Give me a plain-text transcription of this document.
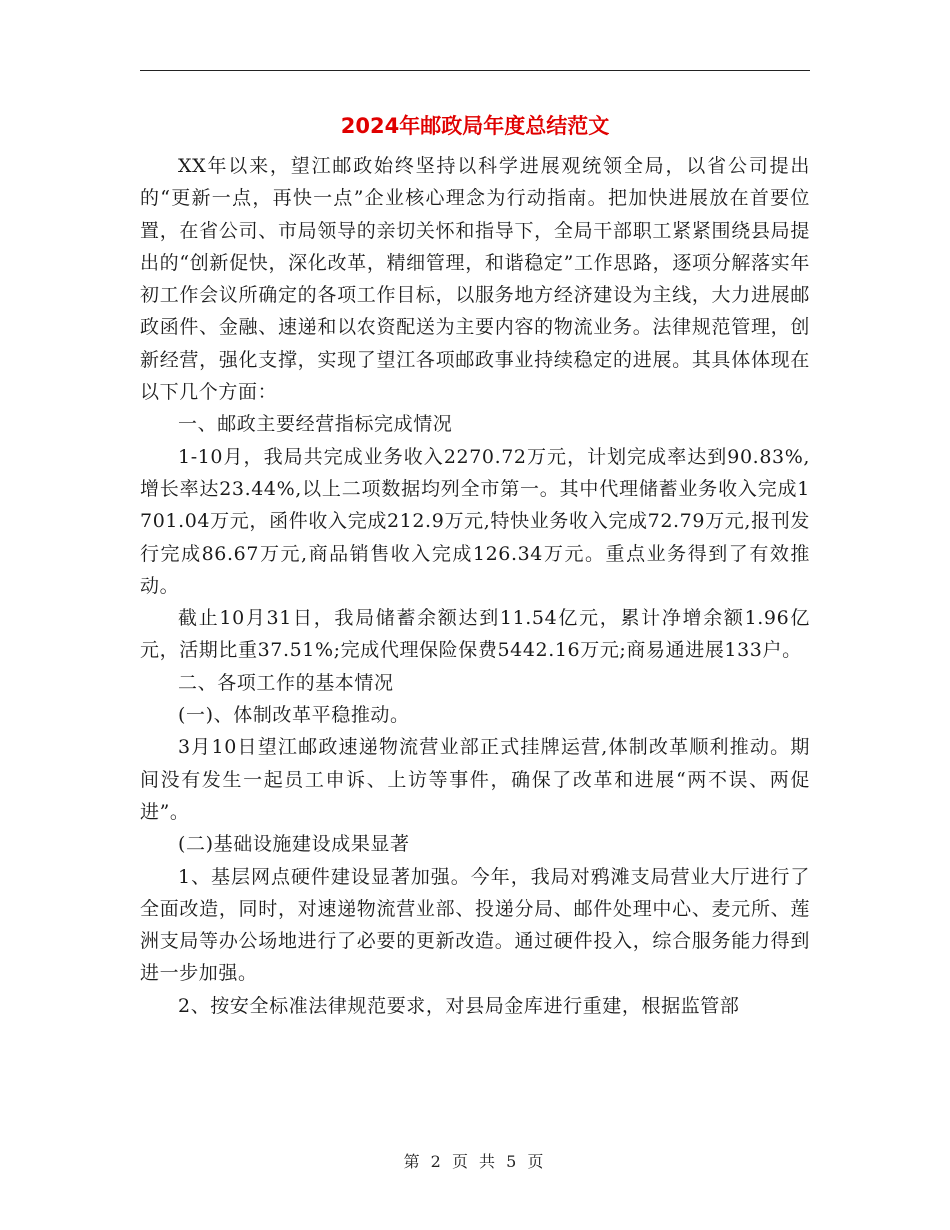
2024年邮政局年度总结范文

XX年以来，望江邮政始终坚持以科学进展观统领全局，以省公司提出的“更新一点，再快一点”企业核心理念为行动指南。把加快进展放在首要位置，在省公司、市局领导的亲切关怀和指导下，全局干部职工紧紧围绕县局提出的“创新促快，深化改革，精细管理，和谐稳定”工作思路，逐项分解落实年初工作会议所确定的各项工作目标，以服务地方经济建设为主线，大力进展邮政函件、金融、速递和以农资配送为主要内容的物流业务。法律规范管理，创新经营，强化支撑，实现了望江各项邮政事业持续稳定的进展。其具体体现在以下几个方面：

一、邮政主要经营指标完成情况

1-10月，我局共完成业务收入2270.72万元，计划完成率达到90.83%,增长率达23.44%,以上二项数据均列全市第一。其中代理储蓄业务收入完成1701.04万元，函件收入完成212.9万元,特快业务收入完成72.79万元,报刊发行完成86.67万元,商品销售收入完成126.34万元。重点业务得到了有效推动。

截止10月31日，我局储蓄余额达到11.54亿元，累计净增余额1.96亿元，活期比重37.51%;完成代理保险保费5442.16万元;商易通进展133户。

二、各项工作的基本情况

(一)、体制改革平稳推动。

3月10日望江邮政速递物流营业部正式挂牌运营,体制改革顺利推动。期间没有发生一起员工申诉、上访等事件，确保了改革和进展“两不误、两促进”。

(二)基础设施建设成果显著

1、基层网点硬件建设显著加强。今年，我局对鸦滩支局营业大厅进行了全面改造，同时，对速递物流营业部、投递分局、邮件处理中心、麦元所、莲洲支局等办公场地进行了必要的更新改造。通过硬件投入，综合服务能力得到进一步加强。

2、按安全标准法律规范要求，对县局金库进行重建，根据监管部

第 2 页 共 5 页
